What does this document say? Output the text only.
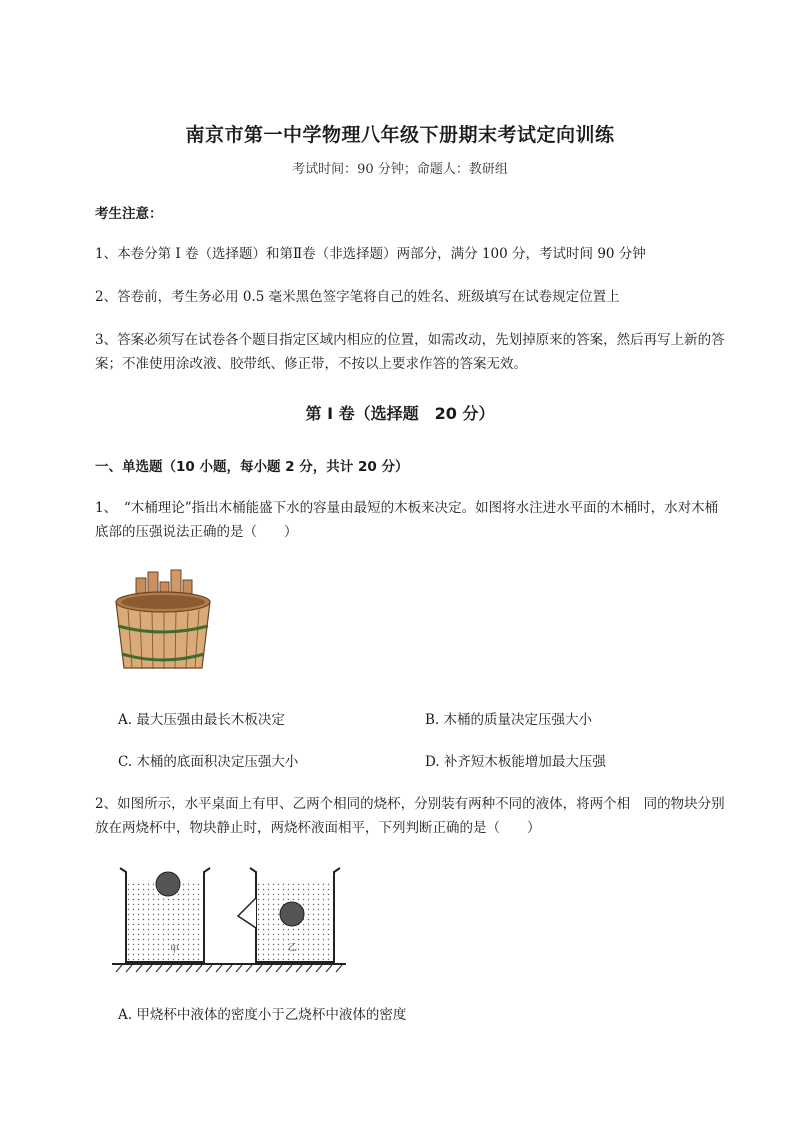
南京市第一中学物理八年级下册期末考试定向训练
考试时间：90 分钟；命题人：教研组
考生注意：
1、本卷分第 I 卷（选择题）和第Ⅱ卷（非选择题）两部分，满分 100 分，考试时间 90 分钟
2、答卷前，考生务必用 0.5 毫米黑色签字笔将自己的姓名、班级填写在试卷规定位置上
3、答案必须写在试卷各个题目指定区域内相应的位置，如需改动，先划掉原来的答案，然后再写上新的答案；不准使用涂改液、胶带纸、修正带，不按以上要求作答的答案无效。
第 I 卷（选择题　20 分）
一、单选题（10 小题，每小题 2 分，共计 20 分）
1、　“木桶理论”指出木桶能盛下水的容量由最短的木板来决定。如图将水注进水平面的木桶时，水对木桶底部的压强说法正确的是（　　）
A. 最大压强由最长木板决定	B. 木桶的质量决定压强大小
C. 木桶的底面积决定压强大小	D. 补齐短木板能增加最大压强
2、如图所示，水平桌面上有甲、乙两个相同的烧杯，分别装有两种不同的液体，将两个相　同的物块分别放在两烧杯中，物块静止时，两烧杯液面相平，下列判断正确的是（　　）
甲	乙
A. 甲烧杯中液体的密度小于乙烧杯中液体的密度
